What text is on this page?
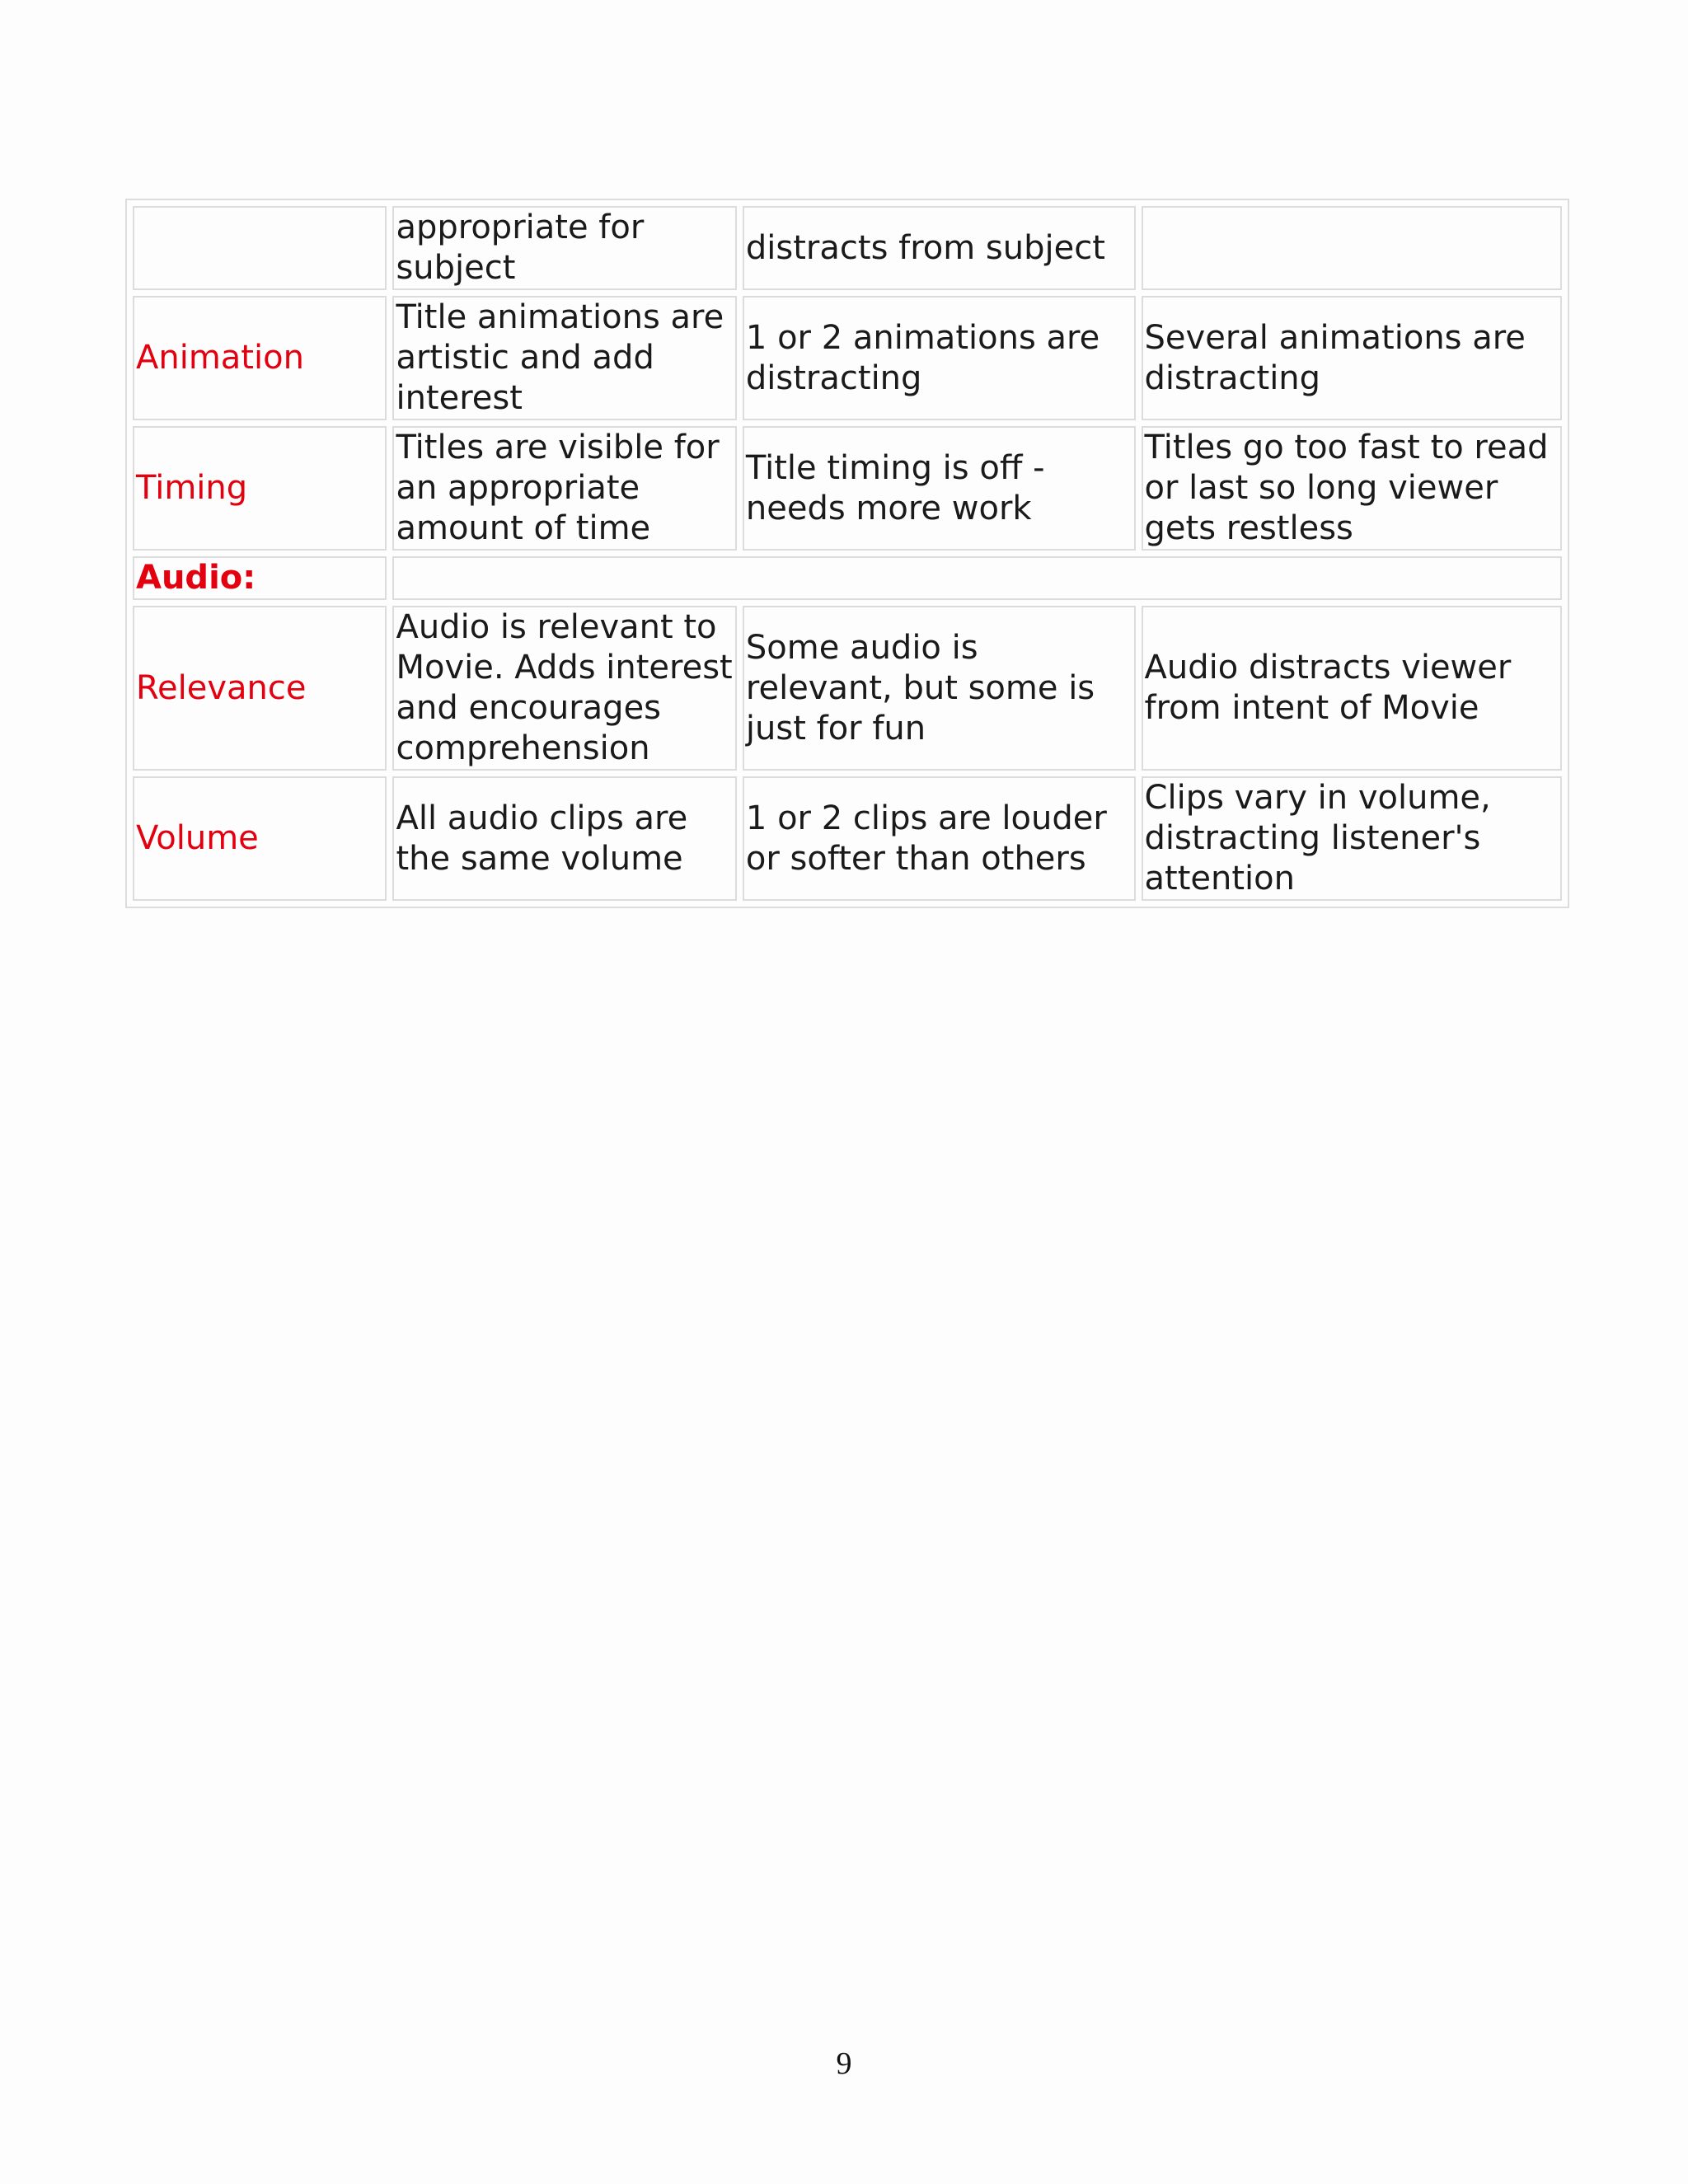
	appropriate for subject	distracts from subject	
Animation	Title animations are artistic and add interest	1 or 2 animations are distracting	Several animations are distracting
Timing	Titles are visible for an appropriate amount of time	Title timing is off - needs more work	Titles go too fast to read or last so long viewer gets restless
Audio:			
Relevance	Audio is relevant to Movie. Adds interest and encourages comprehension	Some audio is relevant, but some is just for fun	Audio distracts viewer from intent of Movie
Volume	All audio clips are the same volume	1 or 2 clips are louder or softer than others	Clips vary in volume, distracting listener's attention
9
